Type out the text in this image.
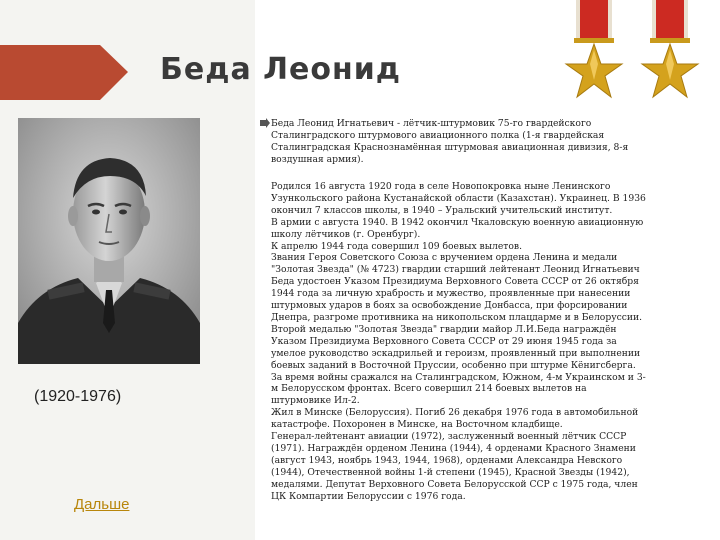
Беда Леонид
(1920-1976)
Дальше

Беда Леонид Игнатьевич - лётчик-штурмовик 75-го гвардейского Сталинградского штурмового авиационного полка (1-я гвардейская Сталинградская Краснознамённая штурмовая авиационная дивизия, 8-я воздушная армия).

Родился 16 августа 1920 года в селе Новопокровка ныне Ленинского

Узункольского района Кустанайской области (Казахстан). Украинец. В 1936

окончил 7 классов школы, в 1940 – Уральский учительский институт.

В армии с августа 1940. В 1942 окончил Чкаловскую военную авиационную

школу лётчиков (г. Оренбург).

К апрелю 1944 года совершил 109 боевых вылетов.

Звания Героя Советского Союза с вручением ордена Ленина и медали

"Золотая Звезда" (№ 4723) гвардии старший лейтенант Леонид Игнатьевич

Беда удостоен Указом Президиума Верховного Совета СССР от 26 октября

1944 года за личную храбрость и мужество, проявленные при нанесении

штурмовых ударов в боях за освобождение Донбасса, при форсировании

Днепра, разгроме противника на никопольском плацдарме и в Белоруссии.

Второй медалью "Золотая Звезда" гвардии майор Л.И.Беда награждён

Указом Президиума Верховного Совета СССР от 29 июня 1945 года за

умелое руководство эскадрильей и героизм, проявленный при выполнении

боевых заданий в Восточной Пруссии, особенно при штурме Кёнигсберга.

За время войны сражался на Сталинградском, Южном, 4-м Украинском и 3-

м Белорусском фронтах. Всего совершил 214 боевых вылетов на

штурмовике Ил-2.

Жил в Минске (Белоруссия). Погиб 26 декабря 1976 года в автомобильной

катастрофе. Похоронен в Минске, на Восточном кладбище.

Генерал-лейтенант авиации (1972), заслуженный военный лётчик СССР

(1971). Награждён орденом Ленина (1944), 4 орденами Красного Знамени

(август 1943, ноябрь 1943, 1944, 1968), орденами Александра Невского

(1944), Отечественной войны 1-й степени (1945), Красной Звезды (1942),

медалями. Депутат Верховного Совета Белорусской ССР с 1975 года, член

ЦК Компартии Белоруссии с 1976 года.
